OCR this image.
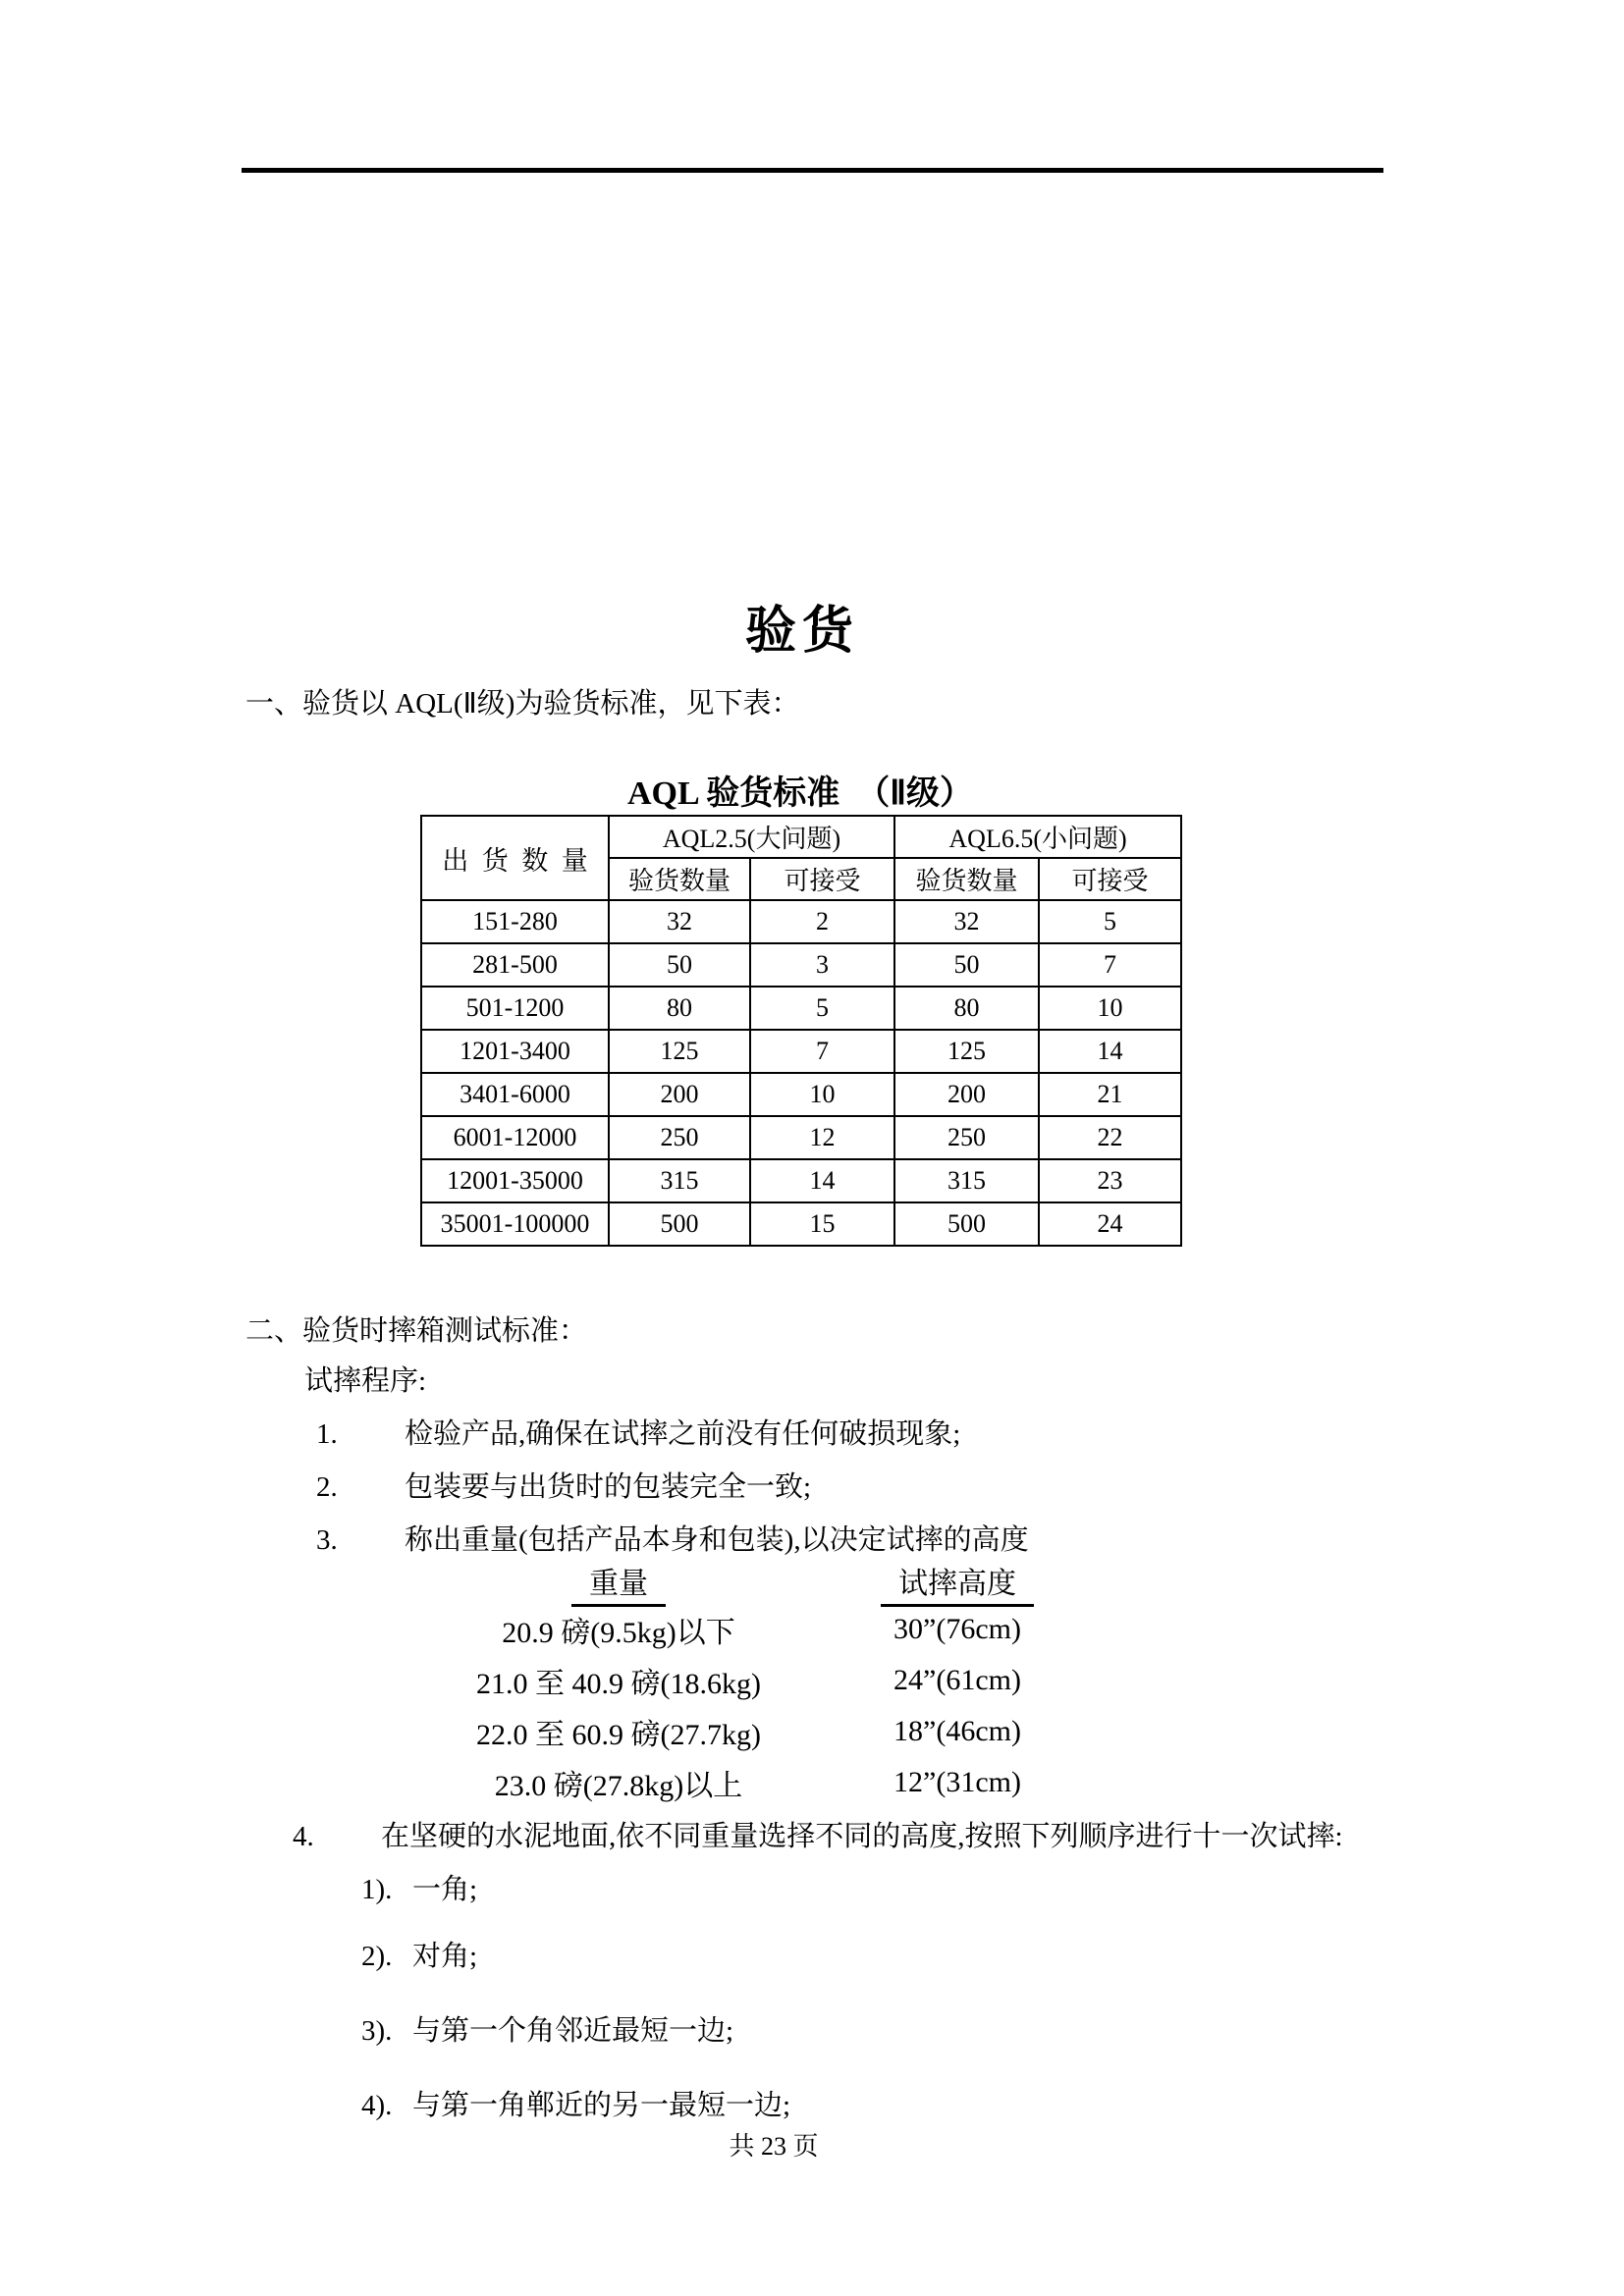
验货
一、验货以 AQL(Ⅱ级)为验货标准，见下表：
AQL 验货标准  （Ⅱ级）
出  货  数  量	AQL2.5(大问题)		AQL6.5(小问题)	
	验货数量	可接受	验货数量	可接受
151-280	32	2	32	5
281-500	50	3	50	7
501-1200	80	5	80	10
1201-3400	125	7	125	14
3401-6000	200	10	200	21
6001-12000	250	12	250	22
12001-35000	315	14	315	23
35001-100000	500	15	500	24
二、验货时摔箱测试标准：
试摔程序:
1. 检验产品,确保在试摔之前没有任何破损现象;
2. 包装要与出货时的包装完全一致;
3. 称出重量(包括产品本身和包装),以决定试摔的高度
重量	试摔高度
20.9 磅(9.5kg)以下	30”(76cm)
21.0 至 40.9 磅(18.6kg)	24”(61cm)
22.0 至 60.9 磅(27.7kg)	18”(46cm)
23.0 磅(27.8kg)以上	12”(31cm)
4. 在坚硬的水泥地面,依不同重量选择不同的高度,按照下列顺序进行十一次试摔:
1). 一角;
2). 对角;
3). 与第一个角邻近最短一边;
4). 与第一角郸近的另一最短一边;
共 23 页
